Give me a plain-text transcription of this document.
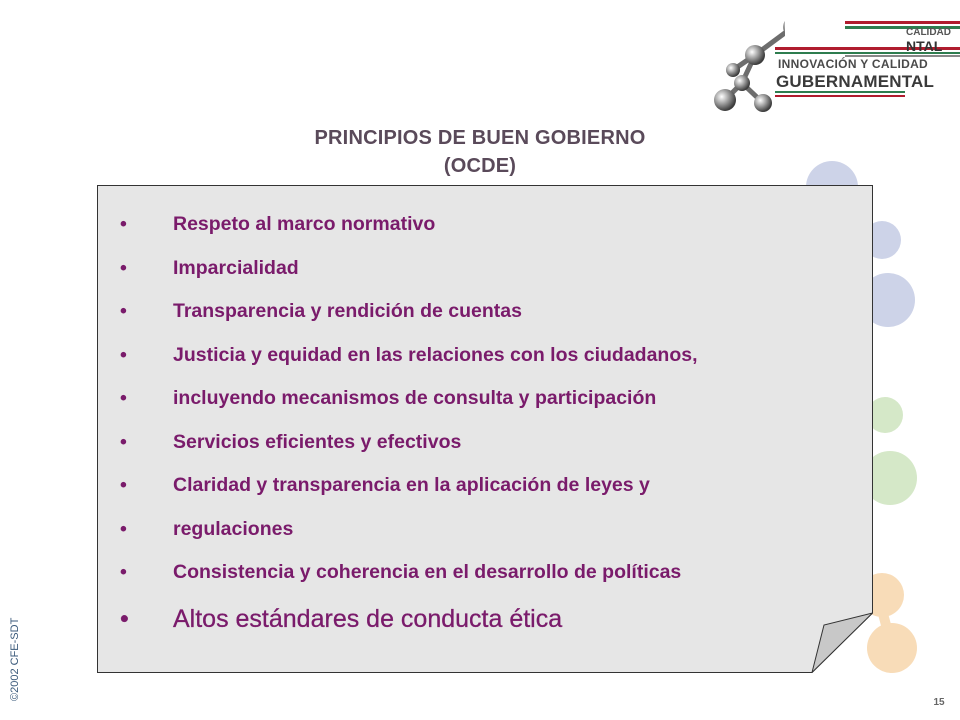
CALIDAD
NTAL
INNOVACIÓN Y CALIDAD
GUBERNAMENTAL
PRINCIPIOS DE BUEN GOBIERNO
(OCDE)
• Respeto al marco normativo
• Imparcialidad
• Transparencia y rendición de cuentas
• Justicia y equidad en las relaciones con los ciudadanos,
• incluyendo mecanismos de consulta y participación
• Servicios eficientes y efectivos
• Claridad y transparencia en la aplicación de leyes y
• regulaciones
• Consistencia y coherencia en el desarrollo de políticas
• Altos estándares de conducta ética
©2002 CFE-SDT
15
